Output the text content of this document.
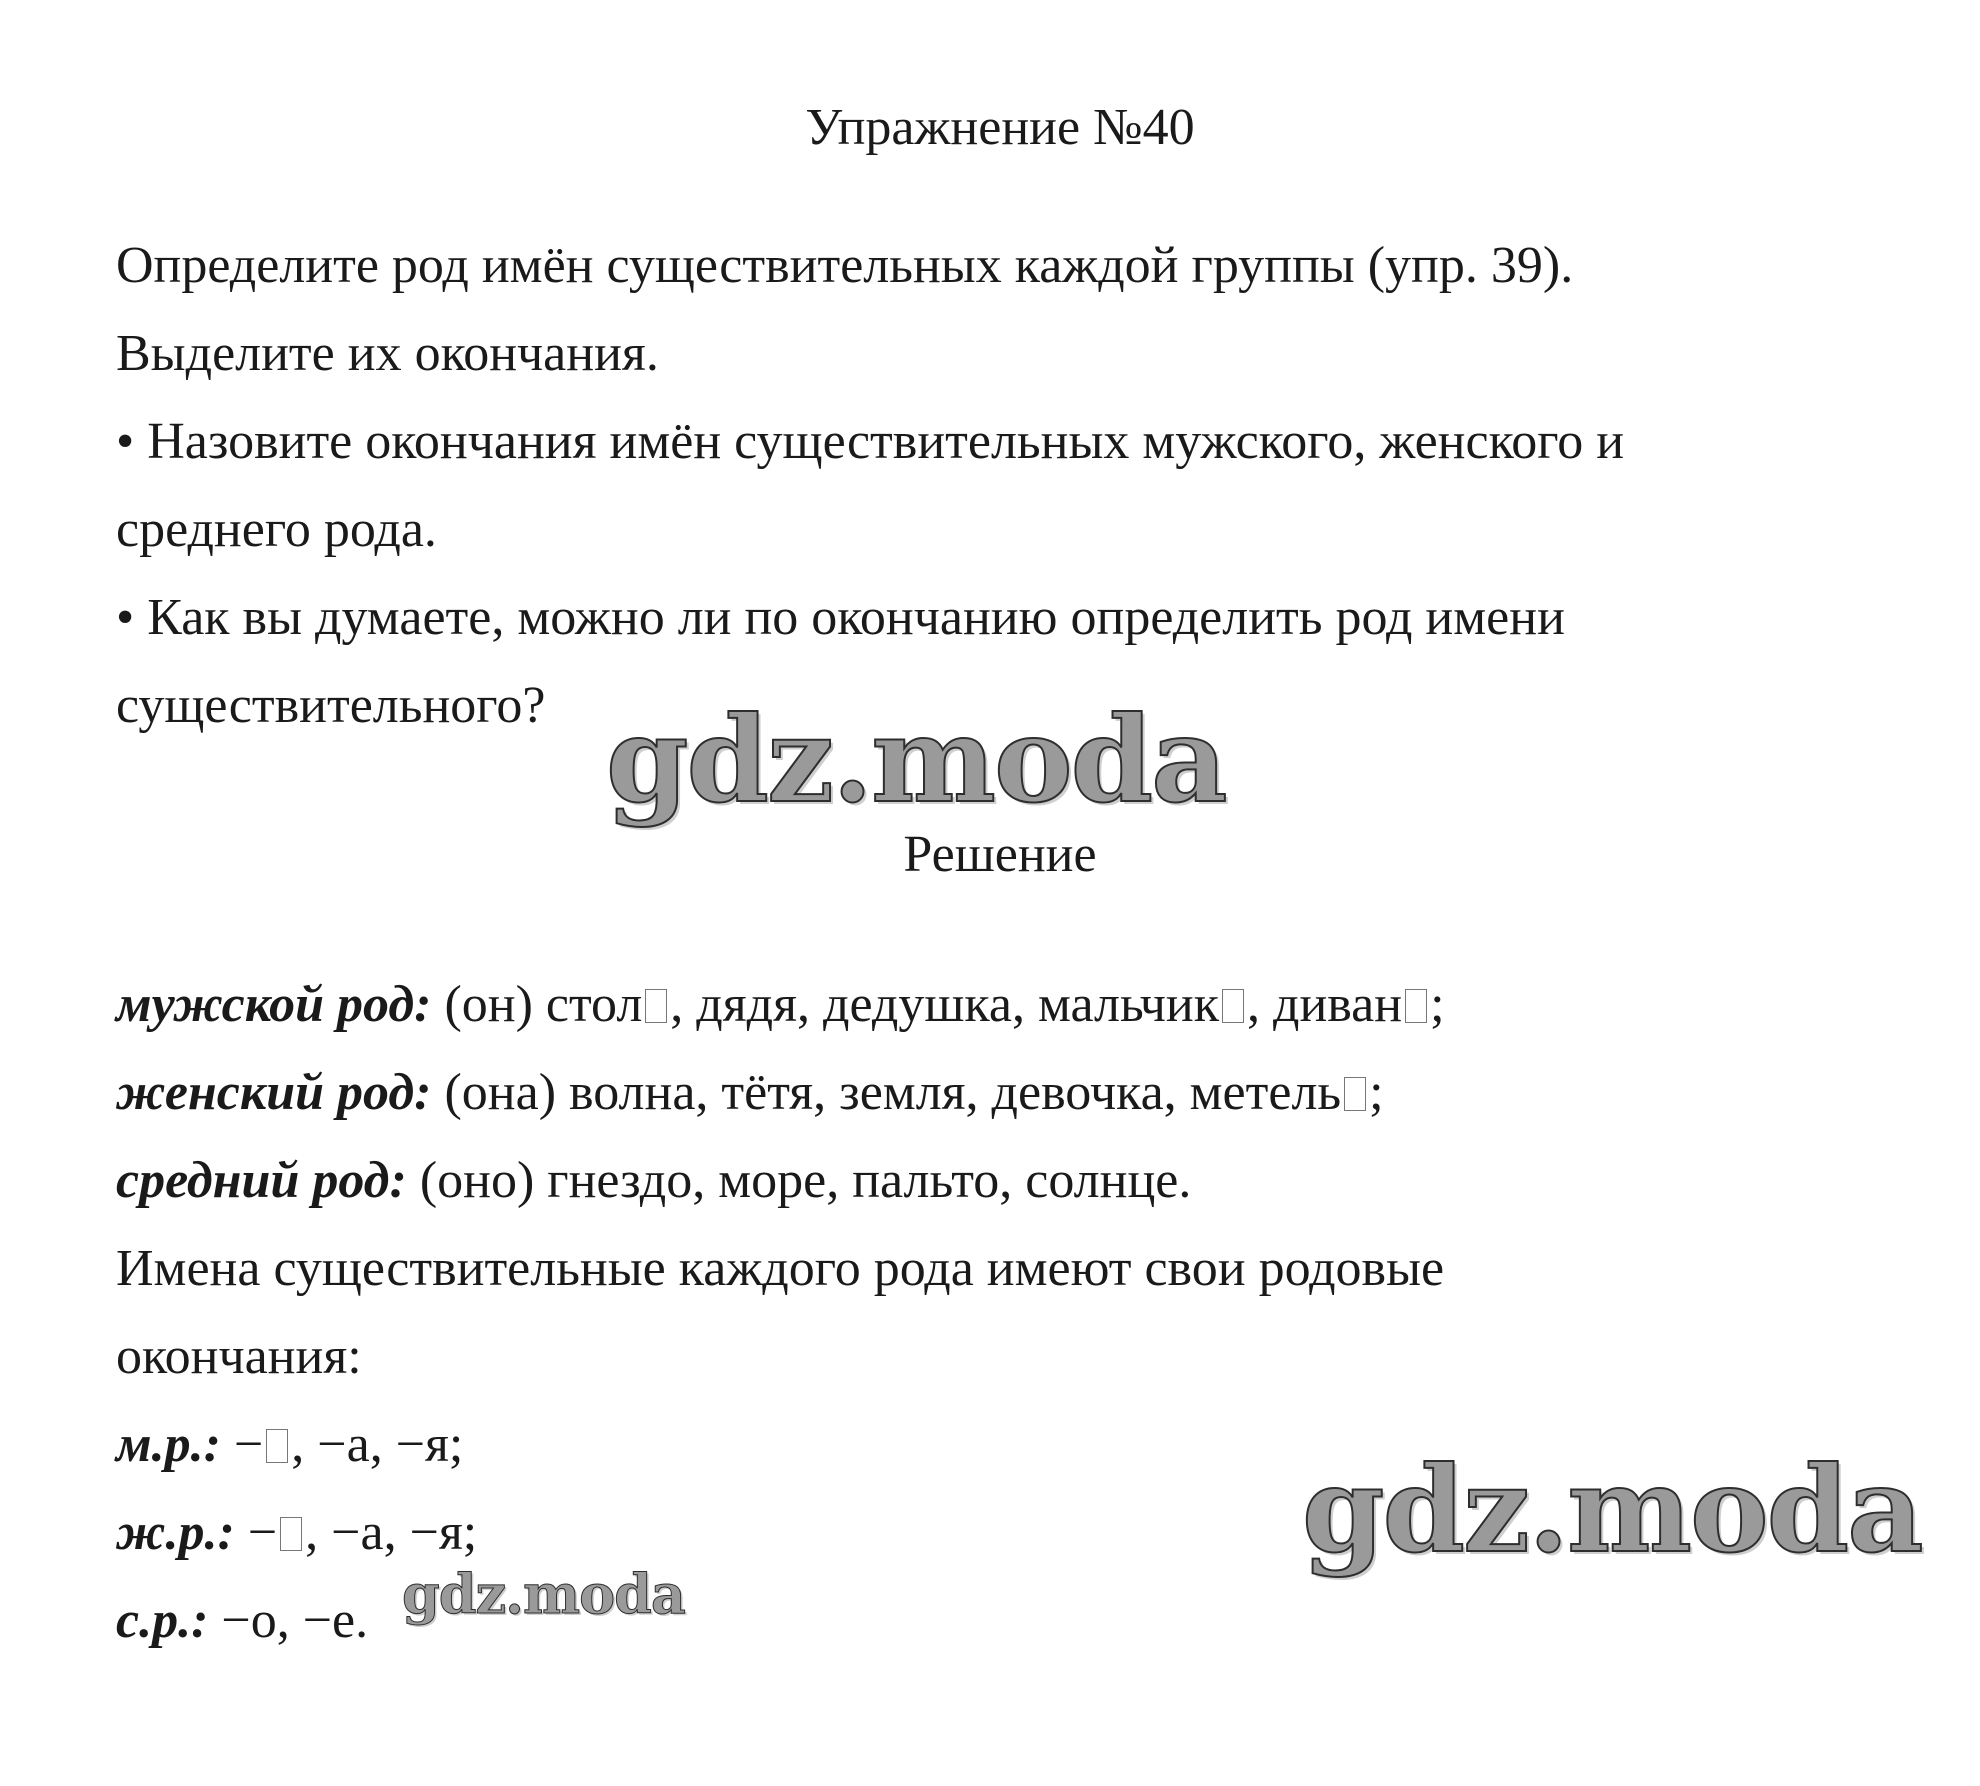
Упражнение №40

Определите род имён существительных каждой группы (упр. 39).

Выделите их окончания.

• Назовите окончания имён существительных мужского, женского и

среднего рода.

• Как вы думаете, можно ли по окончанию определить род имени

существительного? gdz.moda

Решение

мужской род: (он) стол , дядя, дедушка, мальчик , диван ;

женский род: (она) волна, тётя, земля, девочка, метель ;

средний род: (оно) гнездо, море, пальто, солнце.

Имена существительные каждого рода имеют свои родовые

окончания:

м.р.: − , −а, −я;

ж.р.: − , −а, −я;

с.р.: −о, −е.

gdz.moda
gdz.moda
